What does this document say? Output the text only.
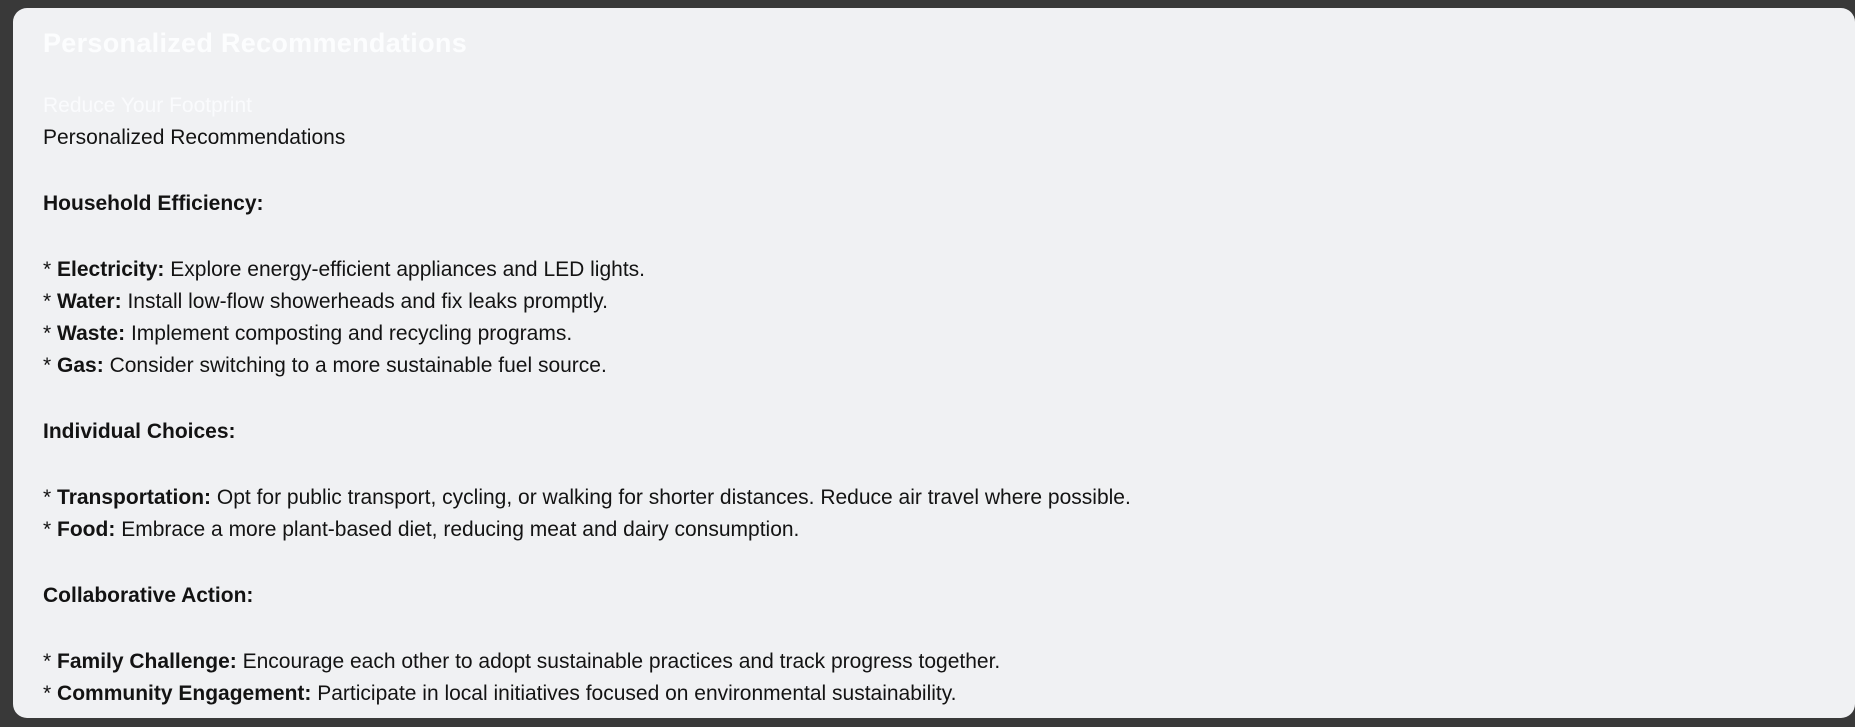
Personalized Recommendations
Reduce Your Footprint
Personalized Recommendations
Household Efficiency:
* Electricity: Explore energy-efficient appliances and LED lights.
* Water: Install low-flow showerheads and fix leaks promptly.
* Waste: Implement composting and recycling programs.
* Gas: Consider switching to a more sustainable fuel source.
Individual Choices:
* Transportation: Opt for public transport, cycling, or walking for shorter distances. Reduce air travel where possible.
* Food: Embrace a more plant-based diet, reducing meat and dairy consumption.
Collaborative Action:
* Family Challenge: Encourage each other to adopt sustainable practices and track progress together.
* Community Engagement: Participate in local initiatives focused on environmental sustainability.
